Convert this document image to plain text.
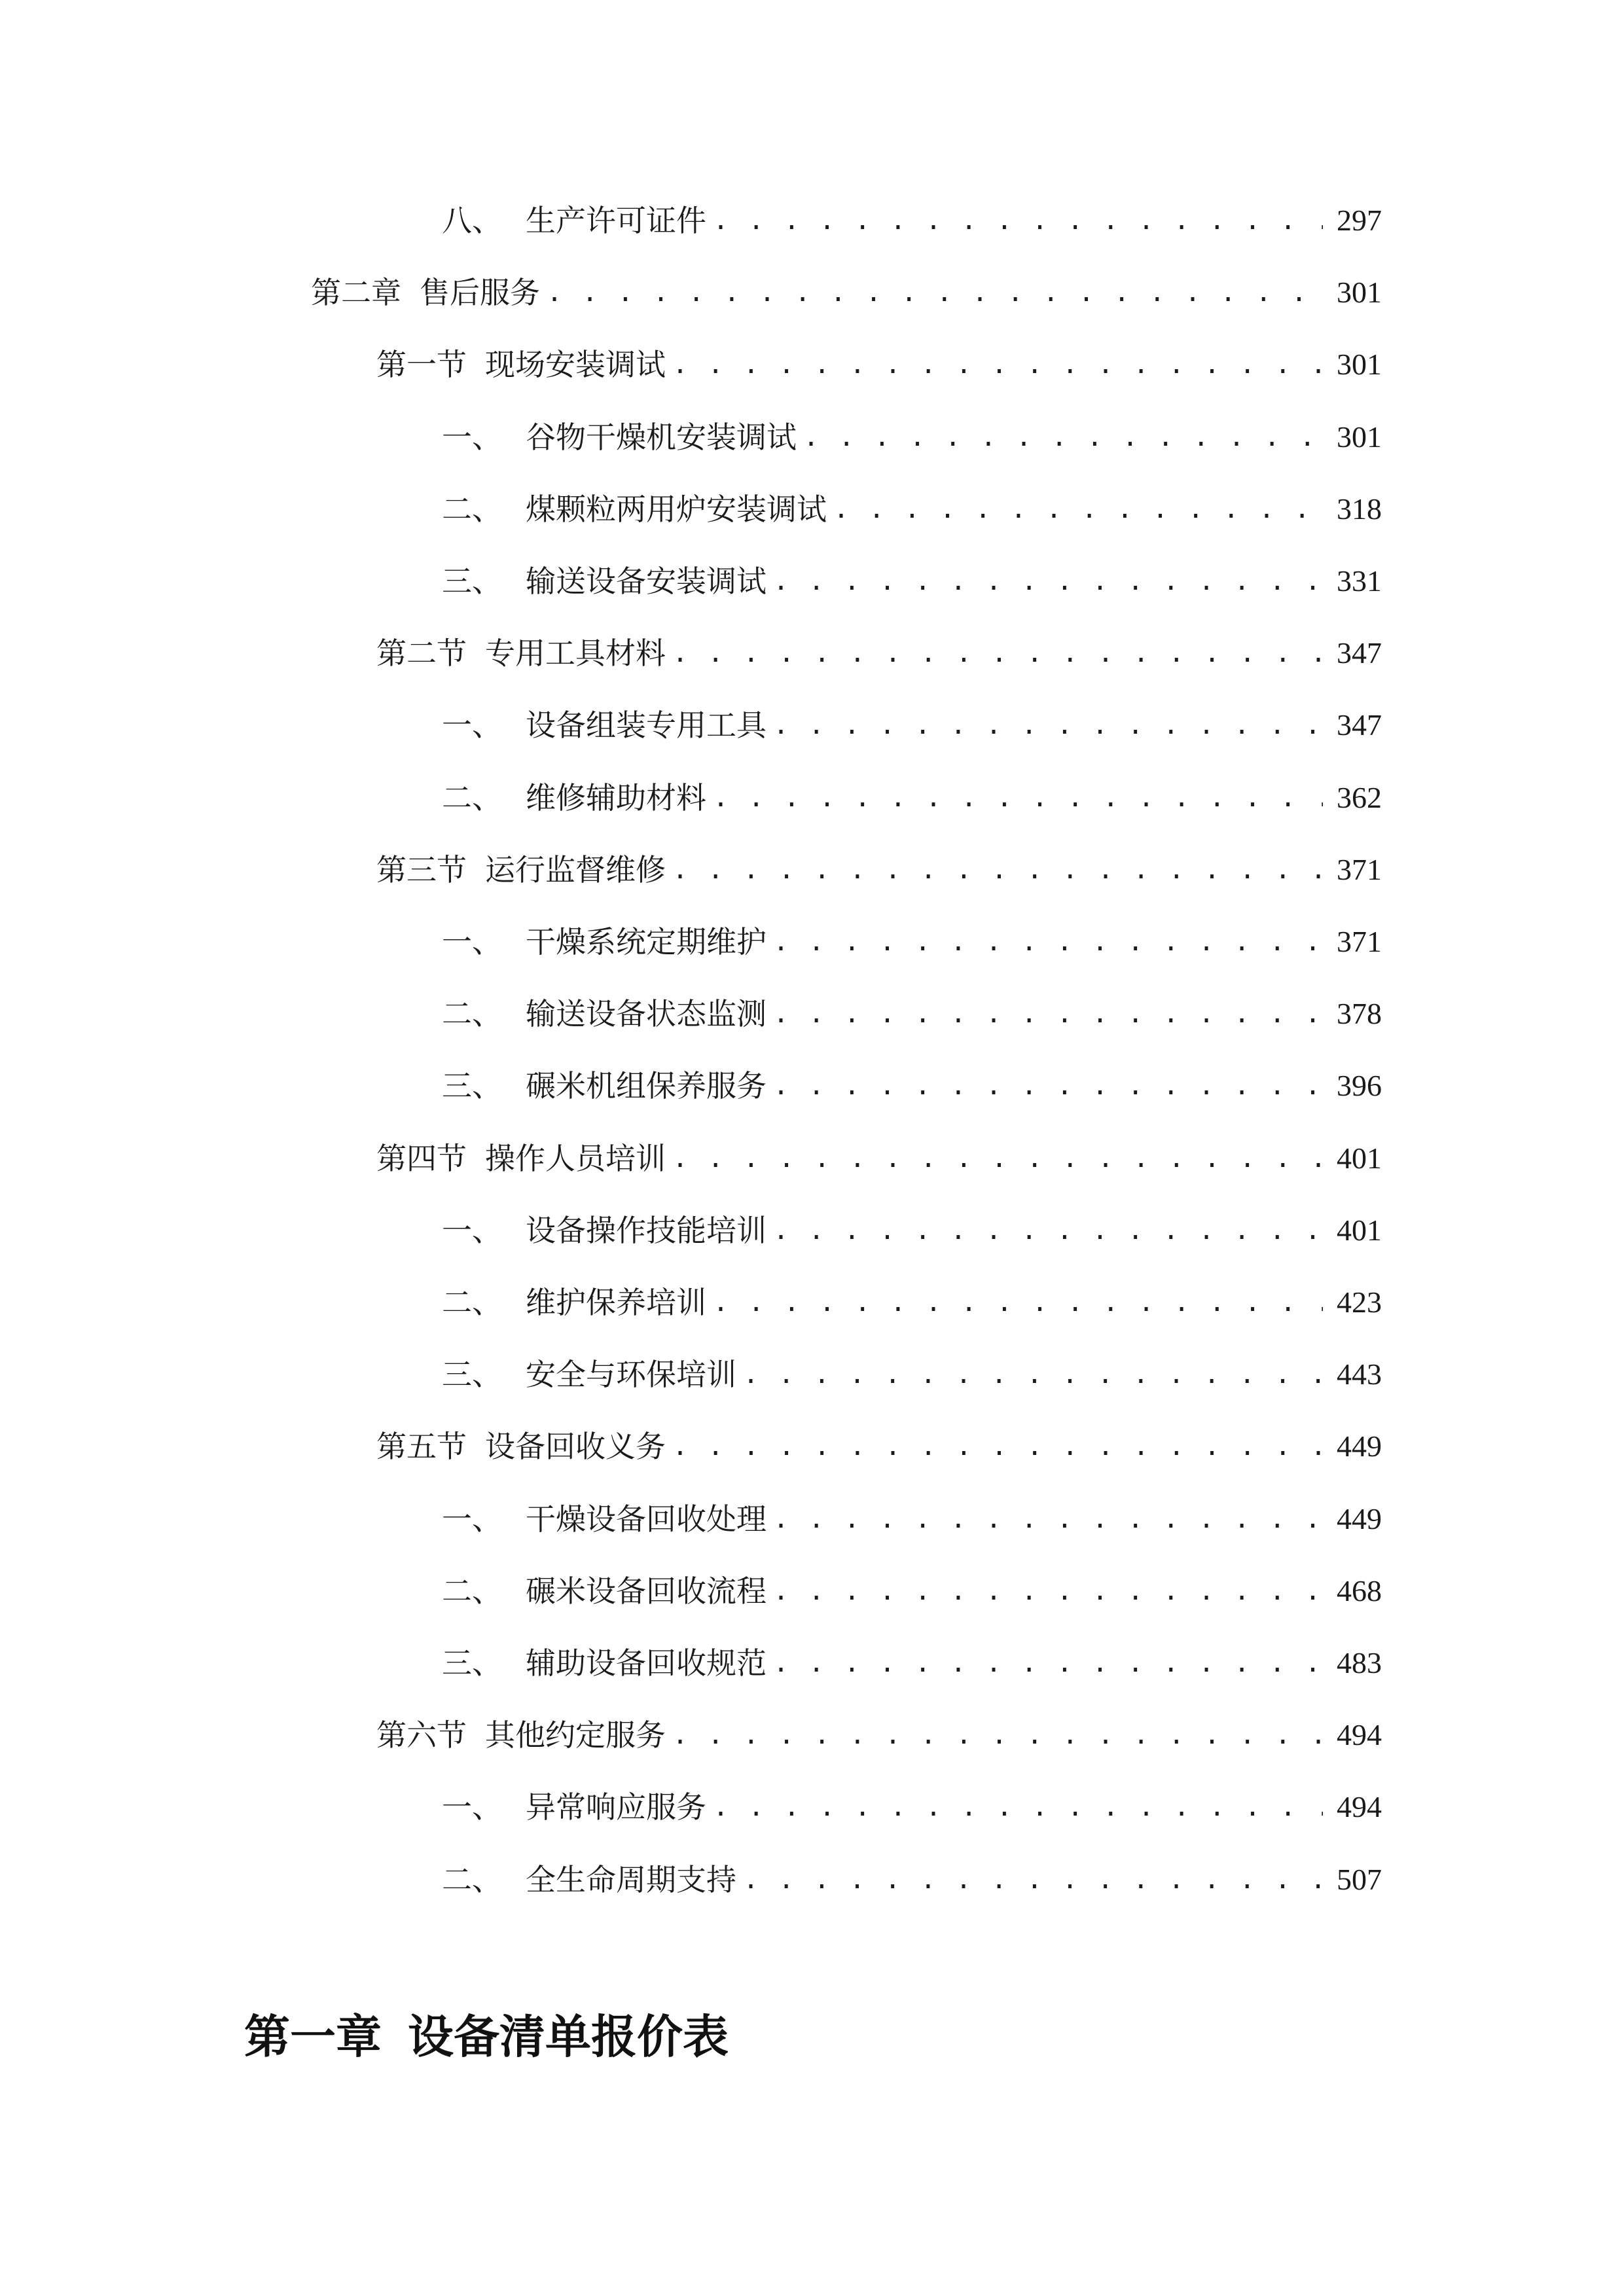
八、 生产许可证件 . . .	297
第二章 售后服务 . . .	301
第一节 现场安装调试 . . .	301
一、 谷物干燥机安装调试 . . .	301
二、 煤颗粒两用炉安装调试 . . .	318
三、 输送设备安装调试 . . .	331
第二节 专用工具材料 . . .	347
一、 设备组装专用工具 . . .	347
二、 维修辅助材料 . . .	362
第三节 运行监督维修 . . .	371
一、 干燥系统定期维护 . . .	371
二、 输送设备状态监测 . . .	378
三、 碾米机组保养服务 . . .	396
第四节 操作人员培训 . . .	401
一、 设备操作技能培训 . . .	401
二、 维护保养培训 . . .	423
三、 安全与环保培训 . . .	443
第五节 设备回收义务 . . .	449
一、 干燥设备回收处理 . . .	449
二、 碾米设备回收流程 . . .	468
三、 辅助设备回收规范 . . .	483
第六节 其他约定服务 . . .	494
一、 异常响应服务 . . .	494
二、 全生命周期支持 . . .	507
第一章 设备清单报价表
